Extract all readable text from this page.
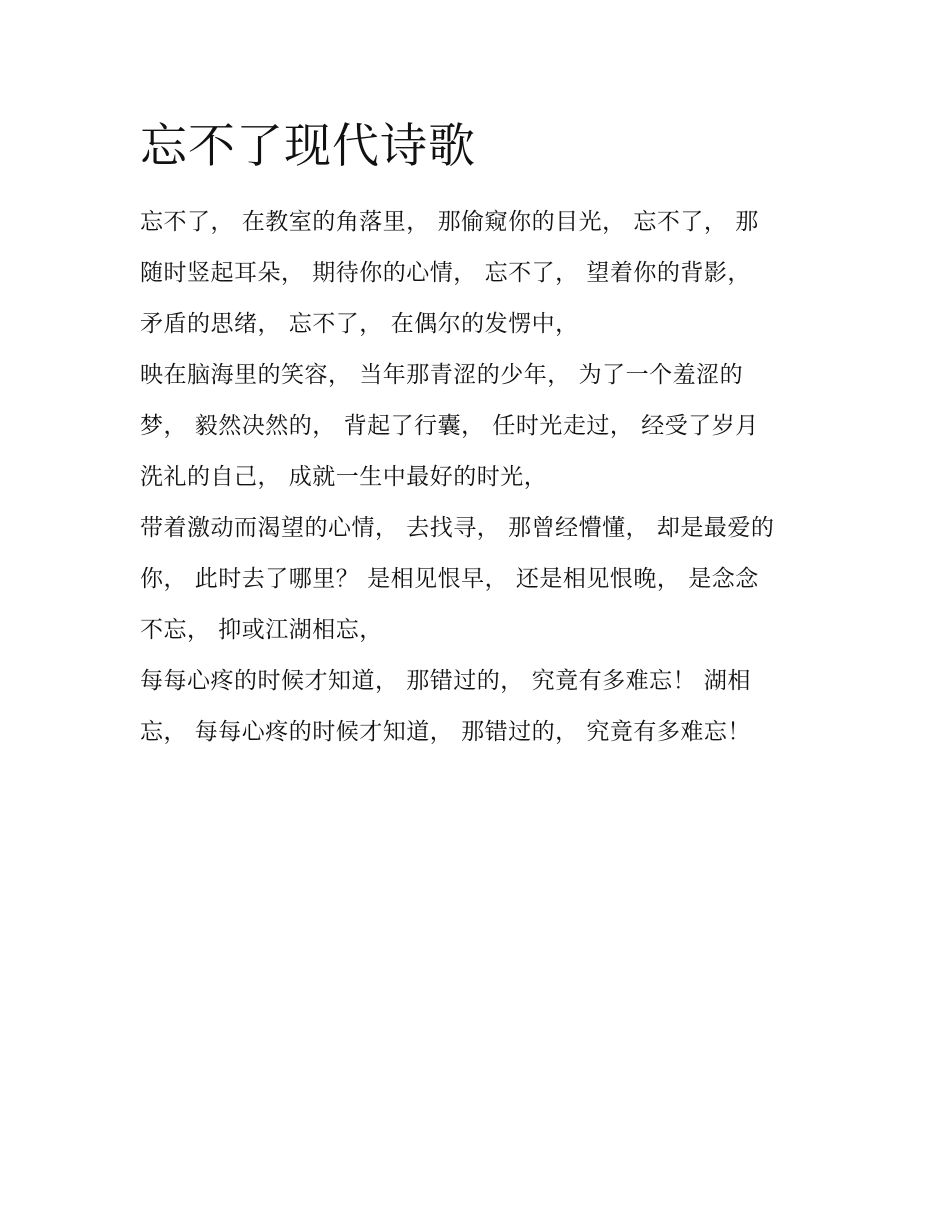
忘不了现代诗歌
忘不了， 在教室的角落里， 那偷窥你的目光， 忘不了， 那
随时竖起耳朵， 期待你的心情， 忘不了， 望着你的背影，
矛盾的思绪， 忘不了， 在偶尔的发愣中，
映在脑海里的笑容， 当年那青涩的少年， 为了一个羞涩的
梦， 毅然决然的， 背起了行囊， 任时光走过， 经受了岁月
洗礼的自己， 成就一生中最好的时光，
带着激动而渴望的心情， 去找寻， 那曾经懵懂， 却是最爱的
你， 此时去了哪里？ 是相见恨早， 还是相见恨晚， 是念念
不忘， 抑或江湖相忘，
每每心疼的时候才知道， 那错过的， 究竟有多难忘！ 湖相
忘， 每每心疼的时候才知道， 那错过的， 究竟有多难忘！
